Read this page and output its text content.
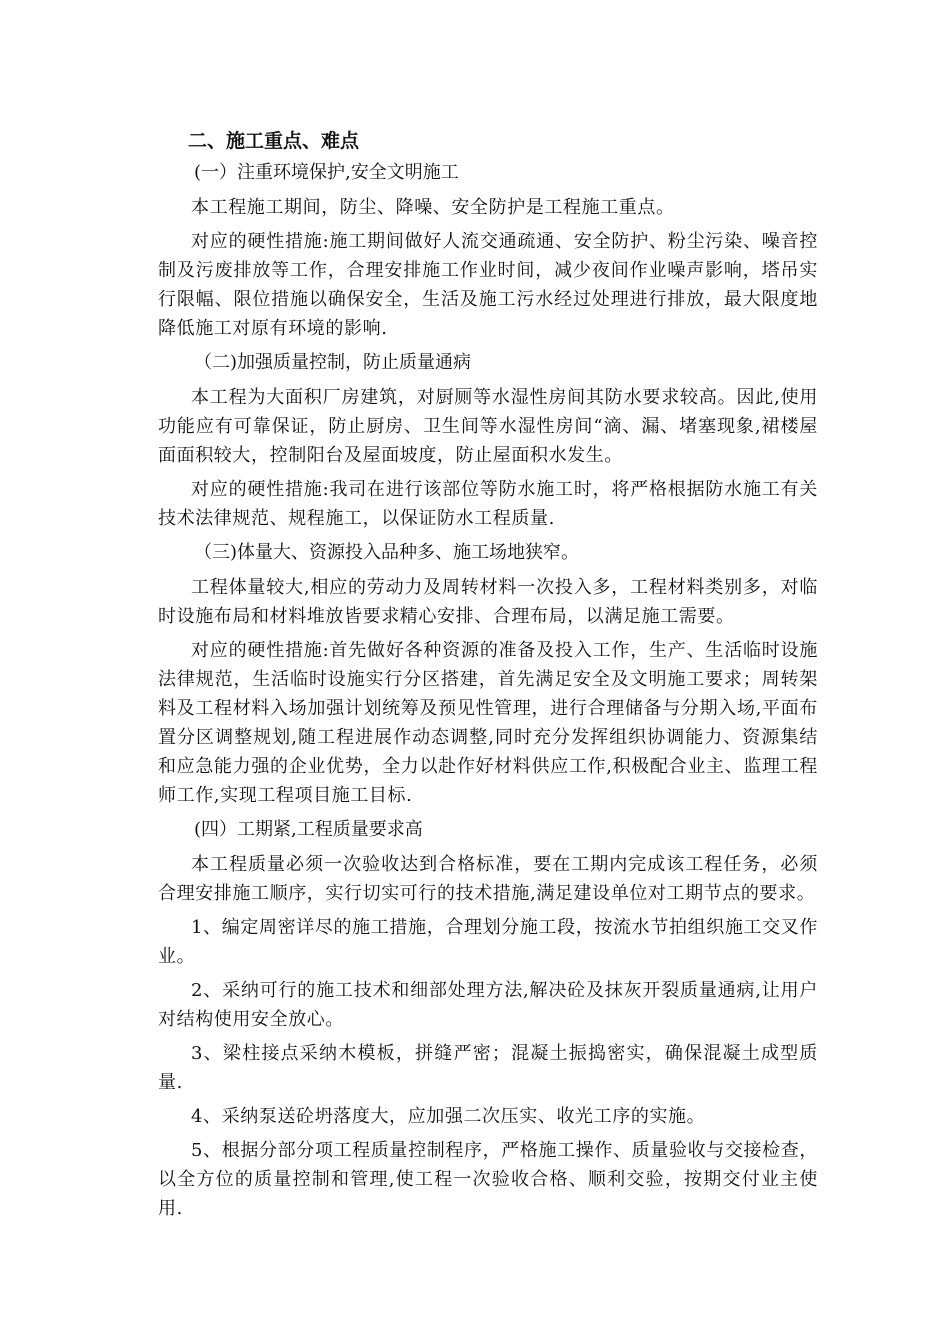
二、施工重点、难点
(一）注重环境保护,安全文明施工

本工程施工期间，防尘、降噪、安全防护是工程施工重点。

对应的硬性措施:施工期间做好人流交通疏通、安全防护、粉尘污染、噪音控制及污废排放等工作，合理安排施工作业时间，减少夜间作业噪声影响，塔吊实行限幅、限位措施以确保安全，生活及施工污水经过处理进行排放，最大限度地降低施工对原有环境的影响.

（二)加强质量控制，防止质量通病

本工程为大面积厂房建筑，对厨厕等水湿性房间其防水要求较高。因此,使用功能应有可靠保证，防止厨房、卫生间等水湿性房间“滴、漏、堵塞现象,裙楼屋面面积较大，控制阳台及屋面坡度，防止屋面积水发生。

对应的硬性措施:我司在进行该部位等防水施工时，将严格根据防水施工有关技术法律规范、规程施工，以保证防水工程质量.

（三)体量大、资源投入品种多、施工场地狭窄。

工程体量较大,相应的劳动力及周转材料一次投入多，工程材料类别多，对临时设施布局和材料堆放皆要求精心安排、合理布局，以满足施工需要。

对应的硬性措施:首先做好各种资源的准备及投入工作，生产、生活临时设施法律规范，生活临时设施实行分区搭建，首先满足安全及文明施工要求；周转架料及工程材料入场加强计划统筹及预见性管理，进行合理储备与分期入场,平面布置分区调整规划,随工程进展作动态调整,同时充分发挥组织协调能力、资源集结和应急能力强的企业优势，全力以赴作好材料供应工作,积极配合业主、监理工程师工作,实现工程项目施工目标.

(四）工期紧,工程质量要求高

本工程质量必须一次验收达到合格标准，要在工期内完成该工程任务，必须合理安排施工顺序，实行切实可行的技术措施,满足建设单位对工期节点的要求。

1、编定周密详尽的施工措施，合理划分施工段，按流水节拍组织施工交叉作业。

2、采纳可行的施工技术和细部处理方法,解决砼及抹灰开裂质量通病,让用户对结构使用安全放心。

3、梁柱接点采纳木模板，拼缝严密；混凝土振捣密实，确保混凝土成型质量.

4、采纳泵送砼坍落度大，应加强二次压实、收光工序的实施。

5、根据分部分项工程质量控制程序，严格施工操作、质量验收与交接检查，以全方位的质量控制和管理,使工程一次验收合格、顺利交验，按期交付业主使用.
